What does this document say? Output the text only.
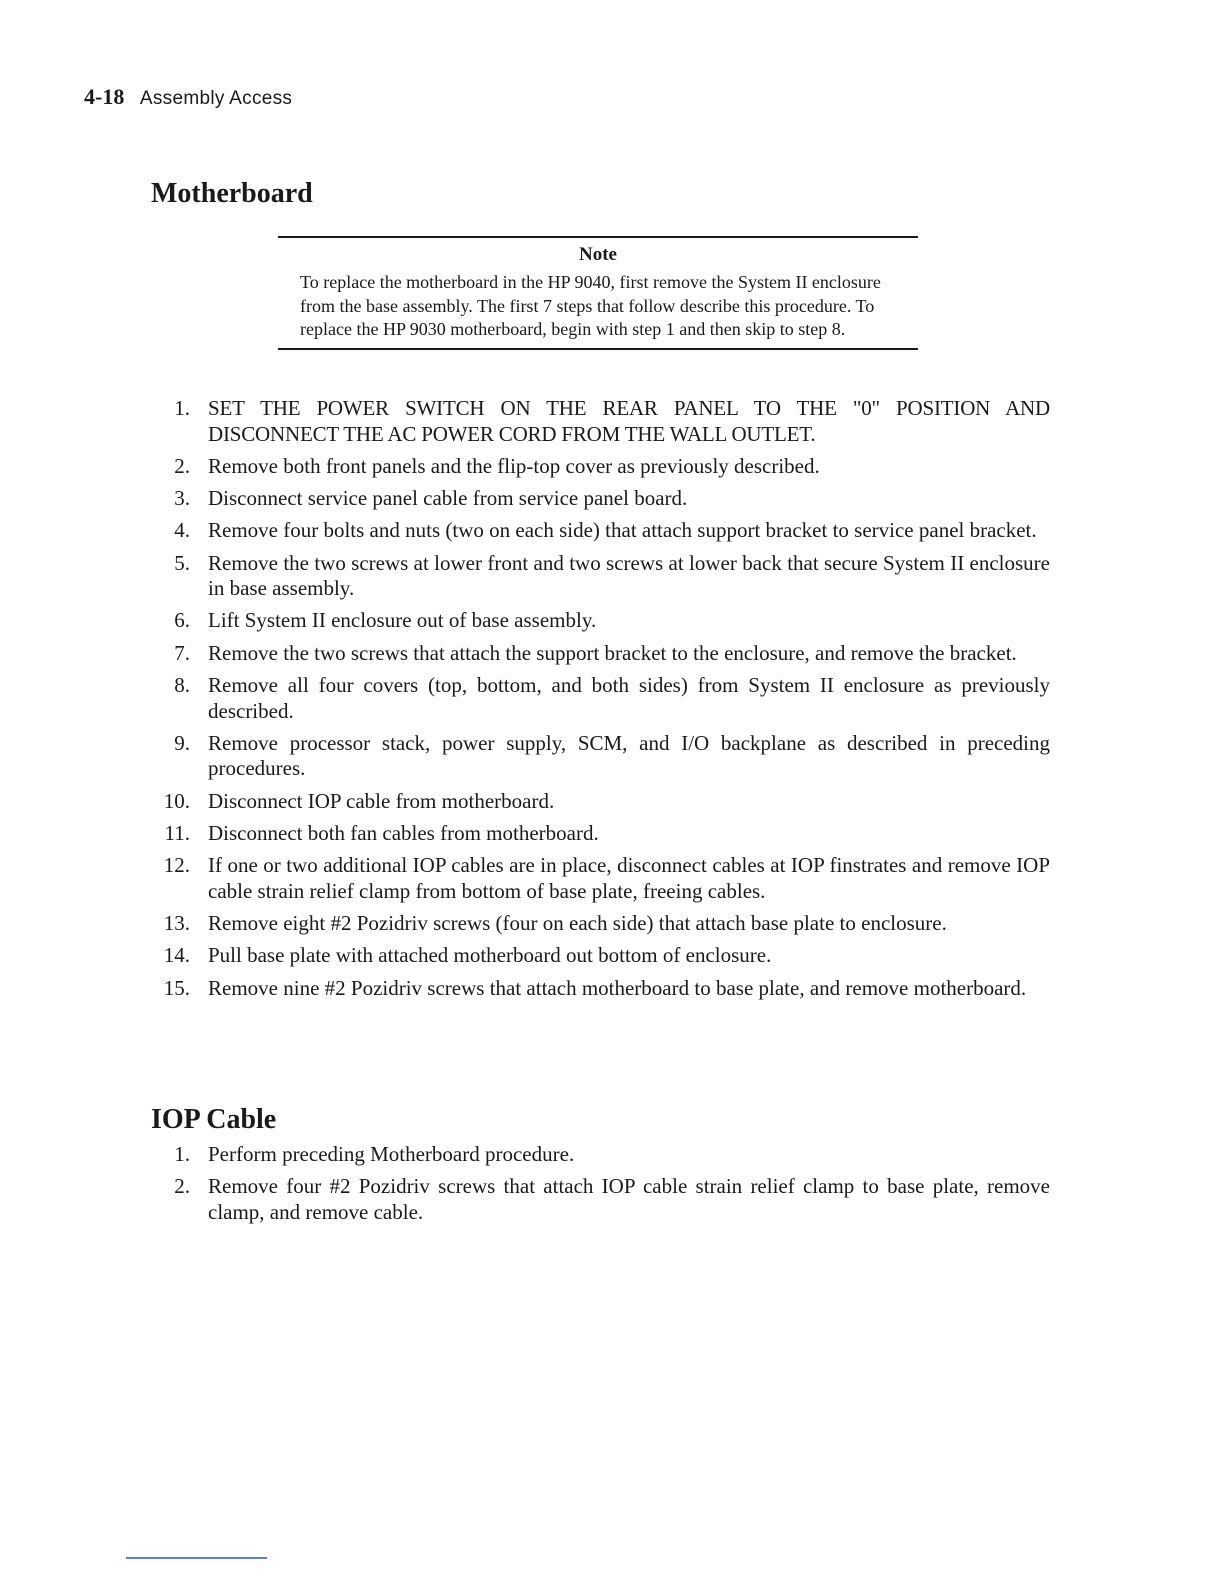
4-18 Assembly Access
Motherboard

Note

To replace the motherboard in the HP 9040, first remove the System II enclosure from the base assembly. The first 7 steps that follow describe this procedure. To replace the HP 9030 motherboard, begin with step 1 and then skip to step 8.

1. SET THE POWER SWITCH ON THE REAR PANEL TO THE "0" POSITION AND DISCONNECT THE AC POWER CORD FROM THE WALL OUTLET.
2. Remove both front panels and the flip-top cover as previously described.
3. Disconnect service panel cable from service panel board.
4. Remove four bolts and nuts (two on each side) that attach support bracket to service panel bracket.
5. Remove the two screws at lower front and two screws at lower back that secure System II enclosure in base assembly.
6. Lift System II enclosure out of base assembly.
7. Remove the two screws that attach the support bracket to the enclosure, and remove the bracket.
8. Remove all four covers (top, bottom, and both sides) from System II enclosure as previously described.
9. Remove processor stack, power supply, SCM, and I/O backplane as described in preceding procedures.
10. Disconnect IOP cable from motherboard.
11. Disconnect both fan cables from motherboard.
12. If one or two additional IOP cables are in place, disconnect cables at IOP finstrates and remove IOP cable strain relief clamp from bottom of base plate, freeing cables.
13. Remove eight #2 Pozidriv screws (four on each side) that attach base plate to enclosure.
14. Pull base plate with attached motherboard out bottom of enclosure.
15. Remove nine #2 Pozidriv screws that attach motherboard to base plate, and remove motherboard.
IOP Cable
1. Perform preceding Motherboard procedure.
2. Remove four #2 Pozidriv screws that attach IOP cable strain relief clamp to base plate, remove clamp, and remove cable.
